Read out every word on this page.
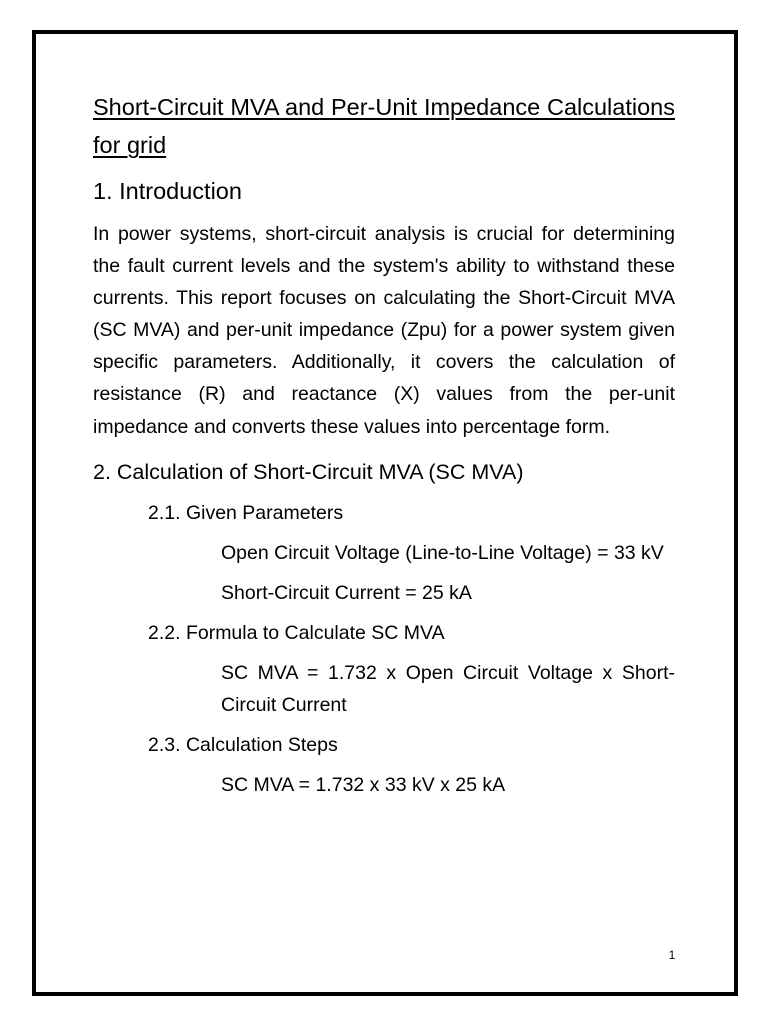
Short-Circuit MVA and Per-Unit Impedance Calculations for grid
1. Introduction

In power systems, short-circuit analysis is crucial for determining the fault current levels and the system's ability to withstand these currents. This report focuses on calculating the Short-Circuit MVA (SC MVA) and per-unit impedance (Zpu) for a power system given specific parameters. Additionally, it covers the calculation of resistance (R) and reactance (X) values from the per-unit impedance and converts these values into percentage form.

2. Calculation of Short-Circuit MVA (SC MVA)
2.1. Given Parameters
Open Circuit Voltage (Line-to-Line Voltage) = 33 kV
Short-Circuit Current = 25 kA
2.2. Formula to Calculate SC MVA
SC MVA = 1.732 x Open Circuit Voltage x Short-Circuit Current
2.3. Calculation Steps
SC MVA = 1.732 x 33 kV x 25 kA
1
